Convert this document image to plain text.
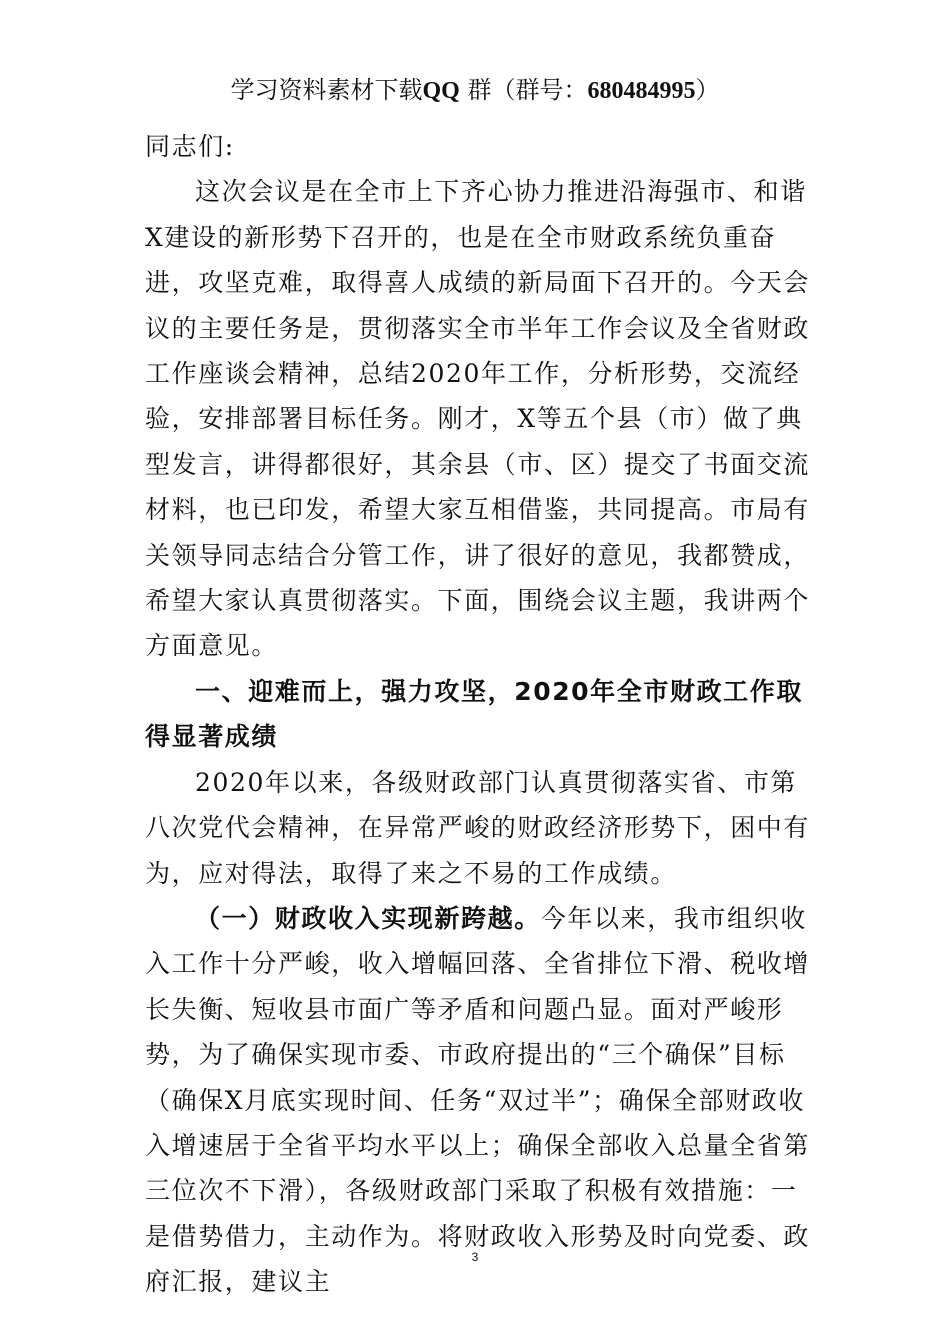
学习资料素材下载QQ 群（群号：680484995）

同志们:

这次会议是在全市上下齐心协力推进沿海强市、和谐X建设的新形势下召开的，也是在全市财政系统负重奋进，攻坚克难，取得喜人成绩的新局面下召开的。今天会议的主要任务是，贯彻落实全市半年工作会议及全省财政工作座谈会精神，总结2020年工作，分析形势，交流经验，安排部署目标任务。刚才，X等五个县（市）做了典型发言，讲得都很好，其余县（市、区）提交了书面交流材料，也已印发，希望大家互相借鉴，共同提高。市局有关领导同志结合分管工作，讲了很好的意见，我都赞成，希望大家认真贯彻落实。下面，围绕会议主题，我讲两个方面意见。

一、迎难而上，强力攻坚，2020年全市财政工作取得显著成绩

2020年以来，各级财政部门认真贯彻落实省、市第八次党代会精神，在异常严峻的财政经济形势下，困中有为，应对得法，取得了来之不易的工作成绩。

（一）财政收入实现新跨越。今年以来，我市组织收入工作十分严峻，收入增幅回落、全省排位下滑、税收增长失衡、短收县市面广等矛盾和问题凸显。面对严峻形势，为了确保实现市委、市政府提出的“三个确保”目标（确保X月底实现时间、任务“双过半”；确保全部财政收入增速居于全省平均水平以上；确保全部收入总量全省第三位次不下滑），各级财政部门采取了积极有效措施：一是借势借力，主动作为。将财政收入形势及时向党委、政府汇报，建议主

3
